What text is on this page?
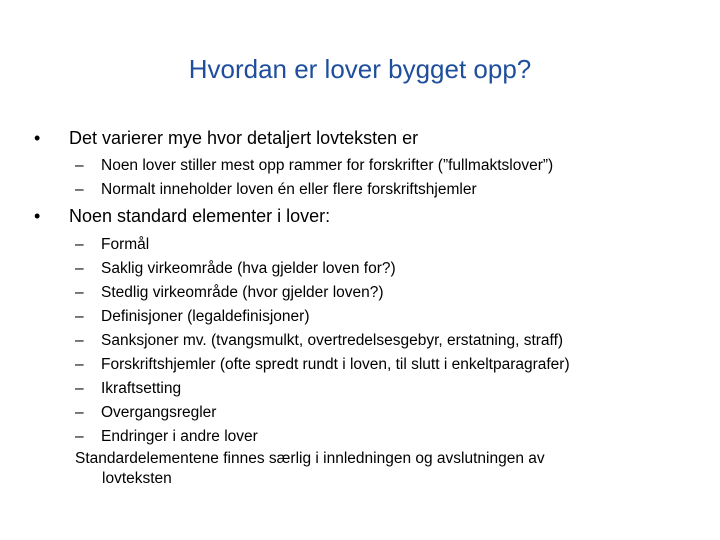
Hvordan er lover bygget opp?
•	Det varierer mye hvor detaljert lovteksten er
– Noen lover stiller mest opp rammer for forskrifter (”fullmaktslover”)
– Normalt inneholder loven én eller flere forskriftshjemler
•	Noen standard elementer i lover:
– Formål
– Saklig virkeområde (hva gjelder loven for?)
– Stedlig virkeområde (hvor gjelder loven?)
– Definisjoner (legaldefinisjoner)
– Sanksjoner mv. (tvangsmulkt, overtredelsesgebyr, erstatning, straff)
– Forskriftshjemler (ofte spredt rundt i loven, til slutt i enkeltparagrafer)
– Ikraftsetting
– Overgangsregler
– Endringer i andre lover
Standardelementene finnes særlig i innledningen og avslutningen av
lovteksten
